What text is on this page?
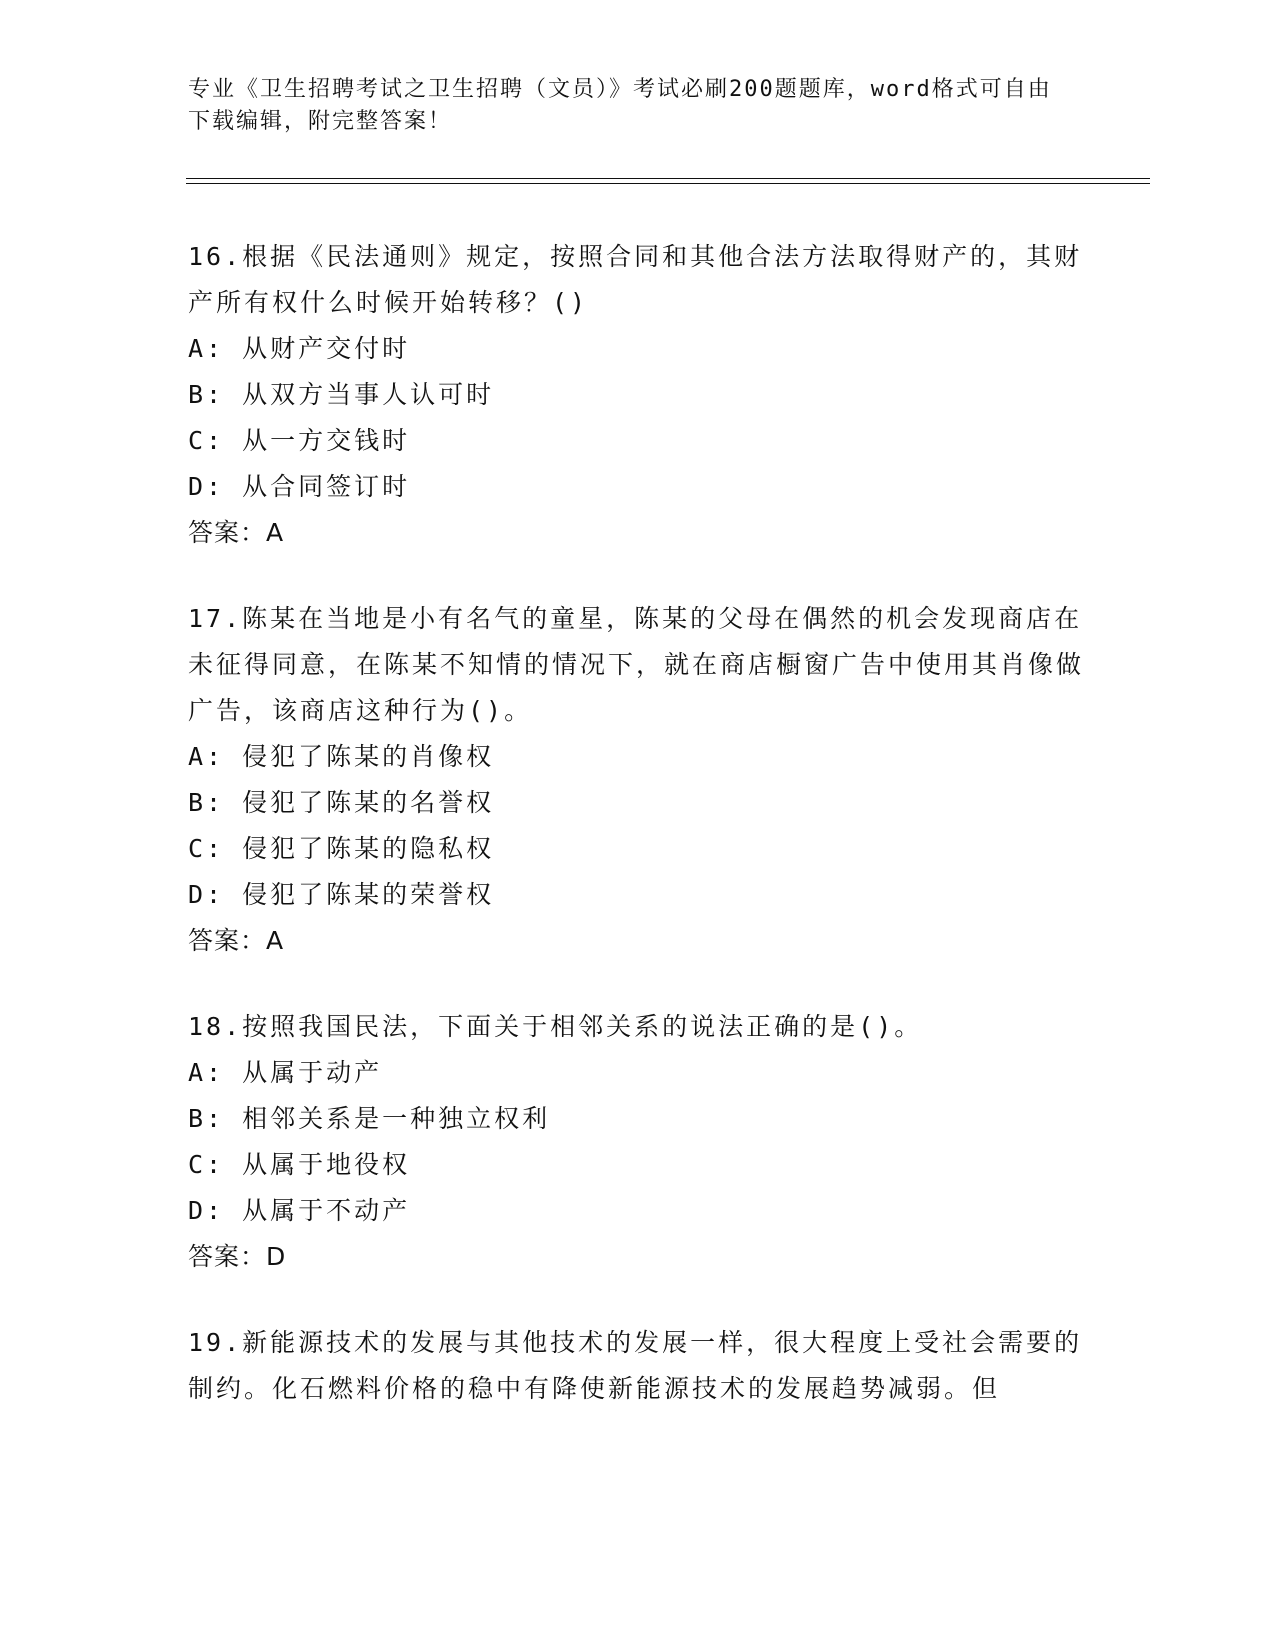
专业《卫生招聘考试之卫生招聘（文员）》考试必刷200题题库，word格式可自由下载编辑，附完整答案！

16.根据《民法通则》规定，按照合同和其他合法方法取得财产的，其财产所有权什么时候开始转移？()

A: 从财产交付时

B: 从双方当事人认可时

C: 从一方交钱时

D: 从合同签订时

答案：A

17.陈某在当地是小有名气的童星，陈某的父母在偶然的机会发现商店在未征得同意，在陈某不知情的情况下，就在商店橱窗广告中使用其肖像做广告，该商店这种行为()。

A: 侵犯了陈某的肖像权

B: 侵犯了陈某的名誉权

C: 侵犯了陈某的隐私权

D: 侵犯了陈某的荣誉权

答案：A

18.按照我国民法，下面关于相邻关系的说法正确的是()。

A: 从属于动产

B: 相邻关系是一种独立权利

C: 从属于地役权

D: 从属于不动产

答案：D

19.新能源技术的发展与其他技术的发展一样，很大程度上受社会需要的制约。化石燃料价格的稳中有降使新能源技术的发展趋势减弱。但
